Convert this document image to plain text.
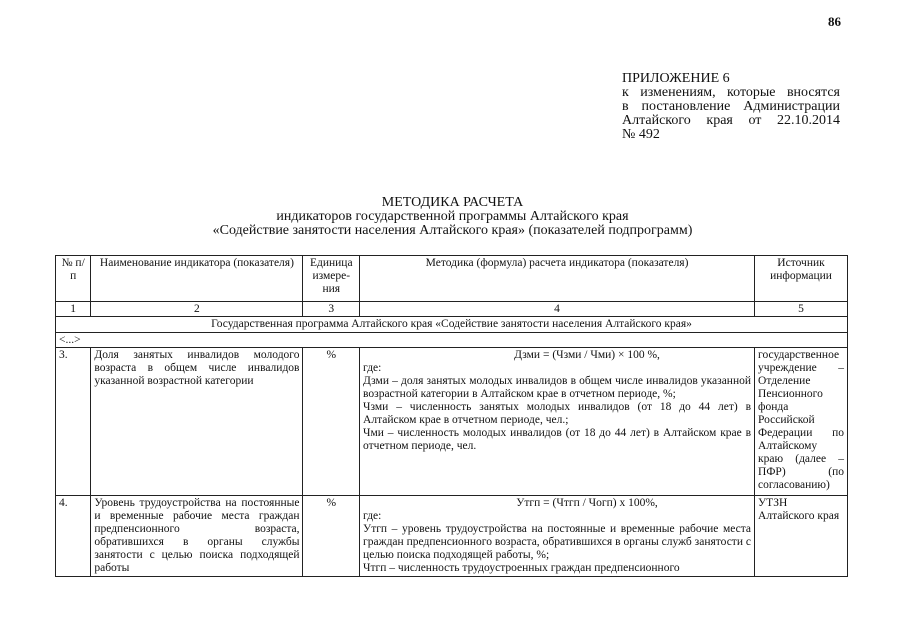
86
ПРИЛОЖЕНИЕ 6
к изменениям, которые вносятся
в постановление Администрации
Алтайского края от 22.10.2014
№ 492
МЕТОДИКА РАСЧЕТА
индикаторов государственной программы Алтайского края
«Содействие занятости населения Алтайского края» (показателей подпрограмм)
№ п/п	Наименование индикатора (показателя)	Единица измере-ния	Методика (формула) расчета индикатора (показателя)	Источник информации
1	2	3	4	5
Государственная программа Алтайского края «Содействие занятости населения Алтайского края»				
<...>				
3.	Доля занятых инвалидов молодого возраста в общем числе инвалидов указанной возрастной категории	%	Дзми = (Чзми / Чми) × 100 %,
где:
Дзми – доля занятых молодых инвалидов в общем числе инвалидов указанной возрастной категории в Алтайском крае в отчетном периоде, %;
Чзми – численность занятых молодых инвалидов (от 18 до 44 лет) в Алтайском крае в отчетном периоде, чел.;
Чми – численность молодых инвалидов (от 18 до 44 лет) в Алтайском крае в отчетном периоде, чел.	государственное учреждение – Отделение Пенсионного фонда Российской Федерации по Алтайскому краю (далее – ПФР) (по согласованию)
4.	Уровень трудоустройства на постоянные и временные рабочие места граждан предпенсионного возраста, обратившихся в органы службы занятости с целью поиска подходящей работы	%	Утгп = (Чтгп / Чогп) х 100%,
где:
Утгп – уровень трудоустройства на постоянные и временные рабочие места граждан предпенсионного возраста, обратившихся в органы служб занятости с целью поиска подходящей работы, %;
Чтгп – численность трудоустроенных граждан предпенсионного	УТЗН Алтайского края
